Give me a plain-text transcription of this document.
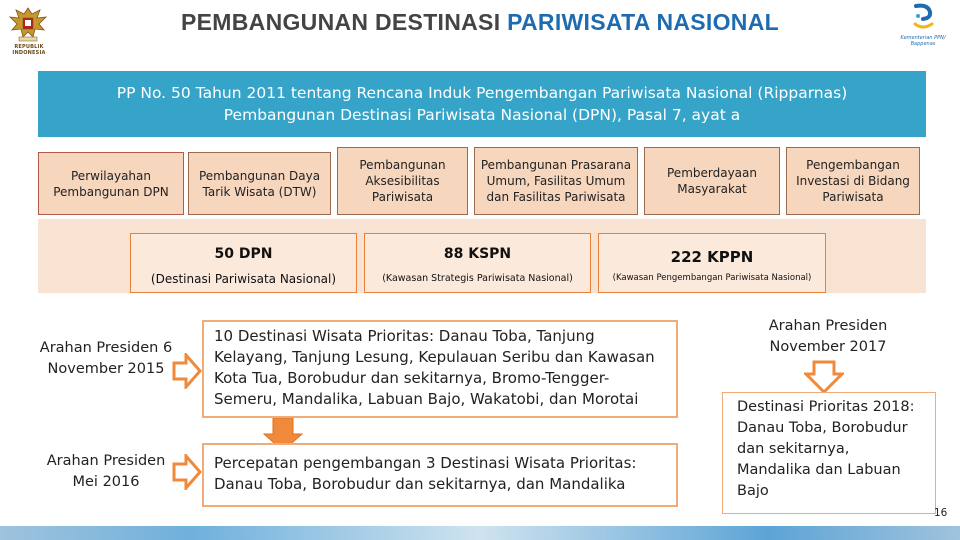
REPUBLIK INDONESIA
PEMBANGUNAN DESTINASI PARIWISATA NASIONAL
Kementerian PPN/ Bappenas
PP No. 50 Tahun 2011 tentang Rencana Induk Pengembangan Pariwisata Nasional (Ripparnas)
Pembangunan Destinasi Pariwisata Nasional (DPN), Pasal 7, ayat a
Perwilayahan Pembangunan DPN
Pembangunan Daya Tarik Wisata (DTW)
Pembangunan Aksesibilitas Pariwisata
Pembangunan Prasarana Umum, Fasilitas Umum dan Fasilitas Pariwisata
Pemberdayaan Masyarakat
Pengembangan Investasi di Bidang Pariwisata
50 DPN
(Destinasi Pariwisata Nasional)
88 KSPN
(Kawasan Strategis Pariwisata Nasional)
222 KPPN
(Kawasan Pengembangan Pariwisata Nasional)
Arahan Presiden 6 November 2015
Arahan Presiden Mei 2016
10 Destinasi Wisata Prioritas: Danau Toba, Tanjung Kelayang, Tanjung Lesung, Kepulauan Seribu dan Kawasan Kota Tua, Borobudur dan sekitarnya, Bromo-Tengger-Semeru, Mandalika, Labuan Bajo, Wakatobi, dan Morotai
Percepatan pengembangan 3 Destinasi Wisata Prioritas: Danau Toba, Borobudur dan sekitarnya, dan Mandalika
Arahan Presiden November 2017
Destinasi Prioritas 2018: Danau Toba, Borobudur dan sekitarnya, Mandalika dan Labuan Bajo
16
